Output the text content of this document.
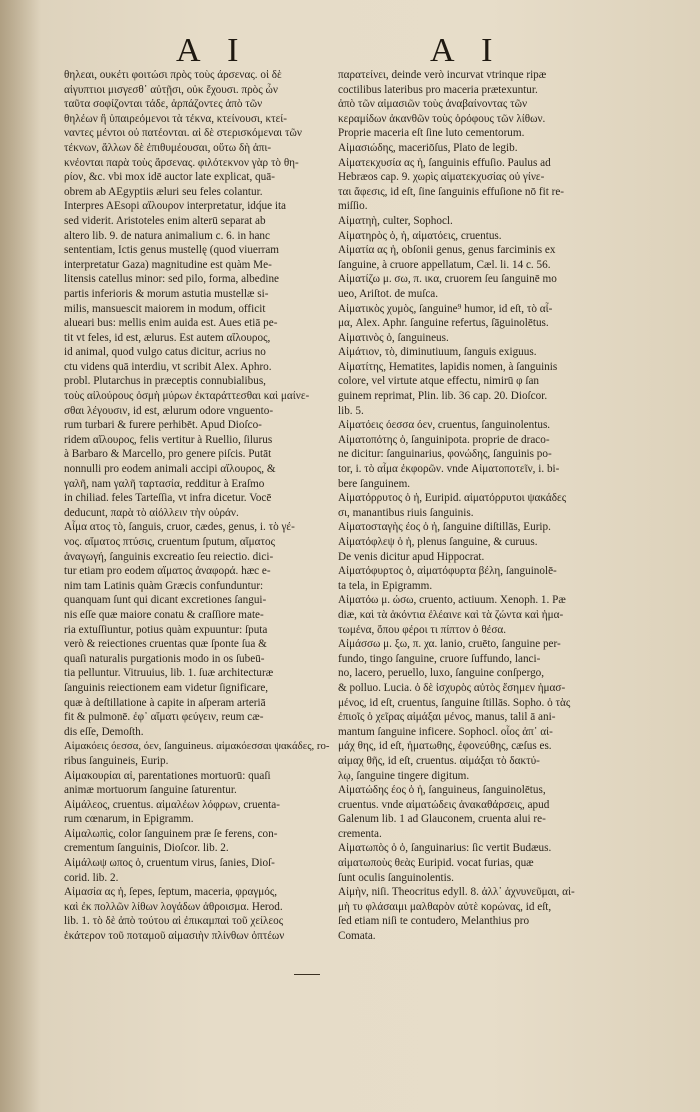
A I	A I
θηλεαι, ουκέτι φοιτώσι πρὸς τοὺς άρσενας. οἱ δὲ
αἰγυπτιοι μισγεσθ᾽ αὐτῇσι, οὐκ ἔχουσι. πρὸς ὦν
ταῦτα σοφίζονται τάδε, ἁρπάζοντες ἀπὸ τῶν
θηλέων ἢ ὑπαιρεόμενοι τὰ τέκνα, κτείνουσι, κτεί-
ναντες μέντοι οὐ πατέονται. αἱ δὲ στερισκόμεναι τῶν
τέκνων, ἄλλων δὲ ἐπιθυμέουσαι, οὕτω δὴ ἀπι-
κνέονται παρὰ τοὺς ἄρσενας. φιλότεκνον γὰρ τὸ θη-
ρίον, &c. vbi mox idē auctor late explicat, quā-
obrem ab AEgyptiis æluri seu feles colantur.
Interpres AEsopi αἴλουρον interpretatur, idq́ue ita
sed viderit. Aristoteles enim alterū separat ab
altero lib. 9. de natura animalium c. 6. in hanc
sententiam, Ictis genus mustellę (quod viuerram
interpretatur Gaza) magnitudine est quàm Me-
litensis catellus minor: sed pilo, forma, albedine
partis inferioris & morum astutia mustellæ si-
milis, mansuescit maiorem in modum, officit
alueari bus: mellis enim auida est. Aues etiā pe-
tit vt feles, id est, ælurus. Est autem αἴλουρος,
id animal, quod vulgo catus dicitur, acrius no
ctu videns quā interdiu, vt scribit Alex. Aphro.
probl. Plutarchus in præceptis connubialibus,
τοὺς αἰλούρους ὀσμὴ μύρων ἐκταράττεσθαι καὶ μαίνε-
σθαι λέγουσιν, id est, ælurum odore vnguento-
rum turbari & furere perhibēt. Apud Dioſco-
ridem αἴλουρος, felis vertitur à Ruellio, ſilurus
à Barbaro & Marcello, pro genere piſcis. Putāt
nonnulli pro eodem animali accipi αἴλουρος, &
γαλῆ, nam γαλῆ ταρτασία, redditur à Eraſmo
in chiliad. feles Tarteſſia, vt infra dicetur. Vocē
deducunt, παρὰ τὸ αἰόλλειν τὴν οὐράν.
Αἷμα ατος τὸ, ſanguis, cruor, cædes, genus, i. τὸ γέ-
νος. αἵματος πτύσις, cruentum ſputum, αἵματος
ἀναγωγή, ſanguinis excreatio ſeu reiectio. dici-
tur etiam pro eodem αἵματος ἀναφορά. hæc e-
nim tam Latinis quàm Græcis confunduntur:
quanquam ſunt qui dicant excretiones ſangui-
nis eſſe quæ maiore conatu & craſſiore mate-
ria extuſſiuntur, potius quàm expuuntur: ſputa
verò & reiectiones cruentas quæ ſponte ſua &
quaſi naturalis purgationis modo in os ſubeū-
tia pelluntur. Vitruuius, lib. 1. ſuæ architecturæ
ſanguinis reiectionem eam videtur ſignificare,
quæ à deſtillatione à capite in aſperam arteriā
fit & pulmonē. ἐφ᾽ αἵματι φεύγειν, reum cæ-
dis eſſe, Demoſth.
Αἱμακόεις όεσσα, όεν, ſanguineus. αἱμακόεσσαι ψακάδες, ro-
ribus ſanguineis, Eurip.
Αἱμακουρίαι αἱ, parentationes mortuorū: quaſi
animæ mortuorum ſanguine ſaturentur.
Αἱμάλεος, cruentus. αἱμαλέων λόφρων, cruenta-
rum cœnarum, in Epigramm.
Αἱμαλωπὶς, color ſanguinem præ ſe ferens, con-
crementum ſanguinis, Dioſcor. lib. 2.
Αἱμάλωψ ωπος ὁ, cruentum virus, ſanies, Dioſ-
corid. lib. 2.
Αἱμασία ας ἡ, ſepes, ſeptum, maceria, φραγμός,
καὶ ἐκ πολλῶν λίθων λογάδων ἀθροισμα. Herod.
lib. 1. τὸ δὲ ἀπὸ τούτου αἱ ἐπικαμπαὶ τοῦ χείλεος
ἑκάτερον τοῦ ποταμοῦ αἱμασιὴν πλίνθων ὀπτέων
παρατείνει, deinde verò incurvat vtrinque ripæ
coctilibus lateribus pro maceria prætexuntur.
ἀπὸ τῶν αἱμασιῶν τοὺς ἀναβαίνοντας τῶν
κεραμίδων ἀκανθῶν τοὺς ὀρόφους τῶν λίθων.
Proprie maceria eſt ſine luto cementorum.
Αἱμασιώδης, maceriōſus, Plato de legib.
Αἱματεκχυσία ας ἡ, ſanguinis effuſio. Paulus ad
Hebræos cap. 9. χωρὶς αἱματεκχυσίας οὐ γίνε-
ται ἄφεσις, id eſt, ſine ſanguinis effuſione nō fit re-
miſſio.
Αἱματηὴ, culter, Sophocl.
Αἱματηρὸς ὁ, ἡ, αἱματόεις, cruentus.
Αἱματία ας ἡ, obſonii genus, genus farciminis ex
ſanguine, à cruore appellatum, Cæl. li. 14 c. 56.
Αἱματίζω μ. σω, π. ικα, cruorem ſeu ſanguinē mo
ueo, Ariſtot. de muſca.
Αἱματικὸς χυμὸς, ſanguine⁹ humor, id eſt, τὸ αἷ-
μα, Alex. Aphr. ſanguine refertus, ſāguinolētus.
Αἱματινὸς ὁ, ſanguineus.
Αἱμάτιον, τὸ, diminutiuum, ſanguis exiguus.
Αἱματίτης, Hematites, lapidis nomen, à ſanguinis
colore, vel virtute atque effectu, nimirū φ ſan
guinem reprimat, Plin. lib. 36 cap. 20. Dioſcor.
lib. 5.
Αἱματόεις όεσσα όεν, cruentus, ſanguinolentus.
Αἱματοπότης ὁ, ſanguinipota. proprie de draco-
ne dicitur: ſanguinarius, φονώδης, ſanguinis po-
tor, i. τὸ αἷμα ἐκφορῶν. vnde Αἱματοποτεῖν, i. bi-
bere ſanguinem.
Αἱματόρρυτος ὁ ἡ, Euripid. αἱματόρρυτοι ψακάδες
σι, manantibus riuis ſanguinis.
Αἱματοσταγὴς έος ὁ ἡ, ſanguine diſtillās, Eurip.
Αἱματόφλεψ ὁ ἡ, plenus ſanguine, & curuus.
De venis dicitur apud Hippocrat.
Αἱματόφυρτος ὁ, αἱματόφυρτα βέλη, ſanguinolē-
ta tela, in Epigramm.
Αἱματόω μ. ώσω, cruento, actiuum. Xenoph. 1. Pæ
diæ, καὶ τὰ ἀκόντια ἐλέαινε καὶ τὰ ζώντα καὶ ἡμα-
τωμένα, ὅπου φέροι τι πίπτον ὁ θέσα.
Αἱμάσσω μ. ξω, π. χα. lanio, cruēto, ſanguine per-
fundo, tingo ſanguine, cruore ſuffundo, lanci-
no, lacero, peruello, luxo, ſanguine conſpergo,
& polluo. Lucia. ὁ δὲ ἰσχυρὸς αὐτὸς ἔσημεν ἡμασ-
μένος, id eſt, cruentus, ſanguine ſtillās. Sopho. ὁ τὰς
ἐπιοῖς ὁ χεῖρας αἱμάξαι μένος, manus, talil ā ani-
mantum ſanguine inficere. Sophocl. οἷος ἀπ᾽ αἱ-
μάχ θης, id eſt, ἡματωθης, ἐφονεύθης, cæſus es.
αἱμαχ θῆς, id eſt, cruentus. αἱμάξαι τὸ δακτύ-
λῳ, ſanguine tingere digitum.
Αἱματώδης έος ὁ ἡ, ſanguineus, ſanguinolētus,
cruentus. vnde αἱματώδεις ἀνακαθάρσεις, apud
Galenum lib. 1 ad Glauconem, cruenta alui re-
crementa.
Αἱματωπὸς ὁ ὁ, ſanguinarius: ſic vertit Budæus.
αἱματωποὺς θεὰς Euripid. vocat furias, quæ
ſunt oculis ſanguinolentis.
Αἱμὴν, niſi. Theocritus edyll. 8. ἀλλ᾽ ἀχνυνεῦμαι, αἱ-
μὴ τυ φλάσαιμι μαλθαρὸν αὐτὲ κορώνας, id eſt,
ſed etiam niſi te contudero, Melanthius pro
Comata.
